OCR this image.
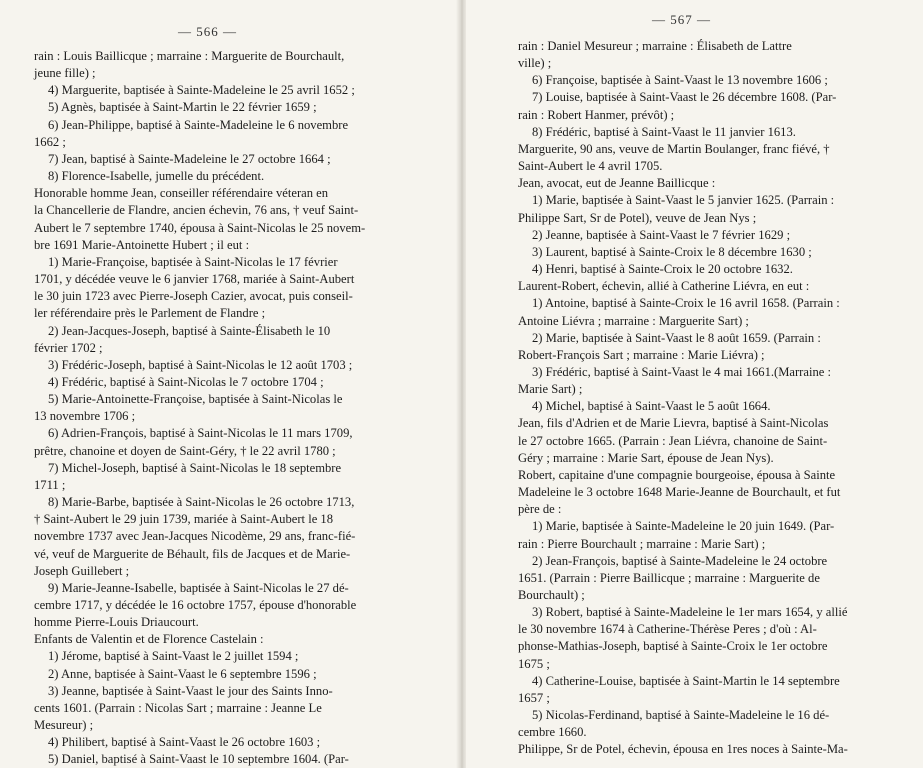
— 566 —
rain : Louis Baillicque ; marraine : Marguerite de Bourchault,
jeune fille) ;
4) Marguerite, baptisée à Sainte-Madeleine le 25 avril 1652 ;
5) Agnès, baptisée à Saint-Martin le 22 février 1659 ;
6) Jean-Philippe, baptisé à Sainte-Madeleine le 6 novembre
1662 ;
7) Jean, baptisé à Sainte-Madeleine le 27 octobre 1664 ;
8) Florence-Isabelle, jumelle du précédent.
Honorable homme Jean, conseiller référendaire véteran en
la Chancellerie de Flandre, ancien échevin, 76 ans, † veuf Saint-
Aubert le 7 septembre 1740, épousa à Saint-Nicolas le 25 novem-
bre 1691 Marie-Antoinette Hubert ; il eut :
1) Marie-Françoise, baptisée à Saint-Nicolas le 17 février
1701, y décédée veuve le 6 janvier 1768, mariée à Saint-Aubert
le 30 juin 1723 avec Pierre-Joseph Cazier, avocat, puis conseil-
ler référendaire près le Parlement de Flandre ;
2) Jean-Jacques-Joseph, baptisé à Sainte-Élisabeth le 10
février 1702 ;
3) Frédéric-Joseph, baptisé à Saint-Nicolas le 12 août 1703 ;
4) Frédéric, baptisé à Saint-Nicolas le 7 octobre 1704 ;
5) Marie-Antoinette-Françoise, baptisée à Saint-Nicolas le
13 novembre 1706 ;
6) Adrien-François, baptisé à Saint-Nicolas le 11 mars 1709,
prêtre, chanoine et doyen de Saint-Géry, † le 22 avril 1780 ;
7) Michel-Joseph, baptisé à Saint-Nicolas le 18 septembre
1711 ;
8) Marie-Barbe, baptisée à Saint-Nicolas le 26 octobre 1713,
† Saint-Aubert le 29 juin 1739, mariée à Saint-Aubert le 18
novembre 1737 avec Jean-Jacques Nicodème, 29 ans, franc-fié-
vé, veuf de Marguerite de Béhault, fils de Jacques et de Marie-
Joseph Guillebert ;
9) Marie-Jeanne-Isabelle, baptisée à Saint-Nicolas le 27 dé-
cembre 1717, y décédée le 16 octobre 1757, épouse d'honorable
homme Pierre-Louis Driaucourt.
Enfants de Valentin et de Florence Castelain :
1) Jérome, baptisé à Saint-Vaast le 2 juillet 1594 ;
2) Anne, baptisée à Saint-Vaast le 6 septembre 1596 ;
3) Jeanne, baptisée à Saint-Vaast le jour des Saints Inno-
cents 1601. (Parrain : Nicolas Sart ; marraine : Jeanne Le
Mesureur) ;
4) Philibert, baptisé à Saint-Vaast le 26 octobre 1603 ;
5) Daniel, baptisé à Saint-Vaast le 10 septembre 1604. (Par-
— 567 —
rain : Daniel Mesureur ; marraine : Élisabeth de Lattre
ville) ;
6) Françoise, baptisée à Saint-Vaast le 13 novembre 1606 ;
7) Louise, baptisée à Saint-Vaast le 26 décembre 1608. (Par-
rain : Robert Hanmer, prévôt) ;
8) Frédéric, baptisé à Saint-Vaast le 11 janvier 1613.
Marguerite, 90 ans, veuve de Martin Boulanger, franc fiévé, †
Saint-Aubert le 4 avril 1705.
Jean, avocat, eut de Jeanne Baillicque :
1) Marie, baptisée à Saint-Vaast le 5 janvier 1625. (Parrain :
Philippe Sart, Sr de Potel), veuve de Jean Nys ;
2) Jeanne, baptisée à Saint-Vaast le 7 février 1629 ;
3) Laurent, baptisé à Sainte-Croix le 8 décembre 1630 ;
4) Henri, baptisé à Sainte-Croix le 20 octobre 1632.
Laurent-Robert, échevin, allié à Catherine Liévra, en eut :
1) Antoine, baptisé à Sainte-Croix le 16 avril 1658. (Parrain :
Antoine Liévra ; marraine : Marguerite Sart) ;
2) Marie, baptisée à Saint-Vaast le 8 août 1659. (Parrain :
Robert-François Sart ; marraine : Marie Liévra) ;
3) Frédéric, baptisé à Saint-Vaast le 4 mai 1661.(Marraine :
Marie Sart) ;
4) Michel, baptisé à Saint-Vaast le 5 août 1664.
Jean, fils d'Adrien et de Marie Lievra, baptisé à Saint-Nicolas
le 27 octobre 1665. (Parrain : Jean Liévra, chanoine de Saint-
Géry ; marraine : Marie Sart, épouse de Jean Nys).
Robert, capitaine d'une compagnie bourgeoise, épousa à Sainte
Madeleine le 3 octobre 1648 Marie-Jeanne de Bourchault, et fut
père de :
1) Marie, baptisée à Sainte-Madeleine le 20 juin 1649. (Par-
rain : Pierre Bourchault ; marraine : Marie Sart) ;
2) Jean-François, baptisé à Sainte-Madeleine le 24 octobre
1651. (Parrain : Pierre Baillicque ; marraine : Marguerite de
Bourchault) ;
3) Robert, baptisé à Sainte-Madeleine le 1er mars 1654, y allié
le 30 novembre 1674 à Catherine-Thérèse Peres ; d'où : Al-
phonse-Mathias-Joseph, baptisé à Sainte-Croix le 1er octobre
1675 ;
4) Catherine-Louise, baptisée à Saint-Martin le 14 septembre
1657 ;
5) Nicolas-Ferdinand, baptisé à Sainte-Madeleine le 16 dé-
cembre 1660.
Philippe, Sr de Potel, échevin, épousa en 1res noces à Sainte-Ma-
